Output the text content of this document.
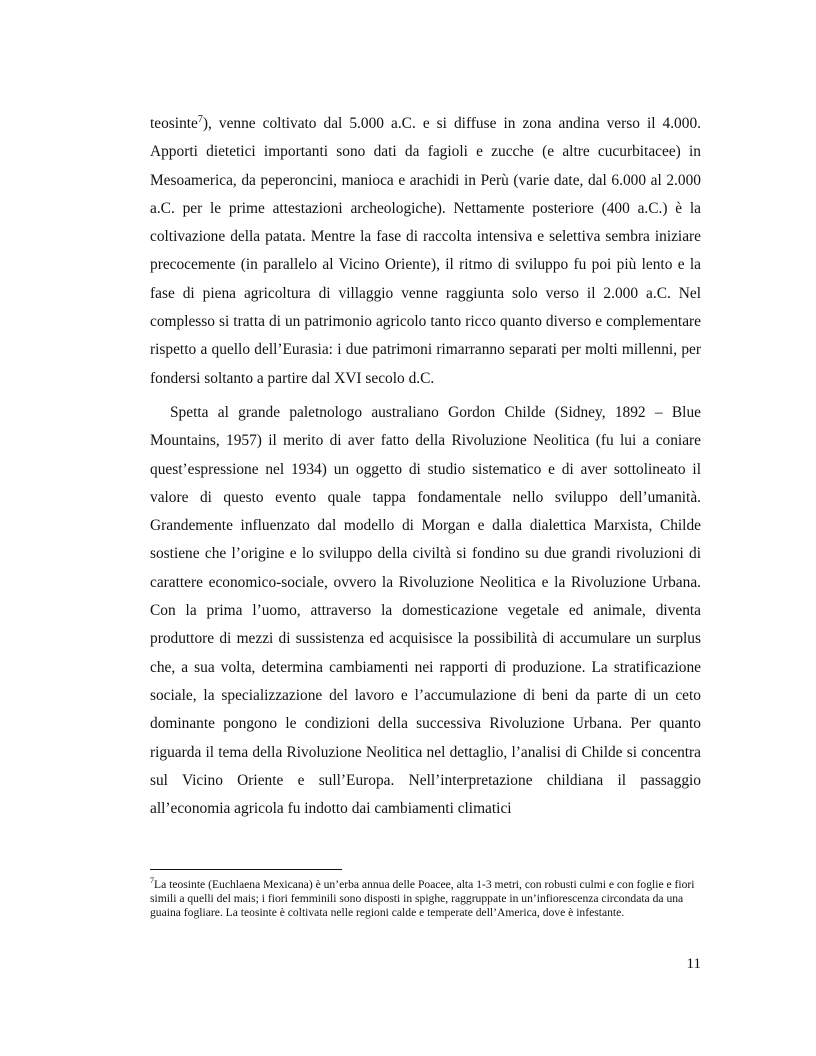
teosinte$^7$), venne coltivato dal 5.000 a.C. e si diffuse in zona andina verso il 4.000. Apporti dietetici importanti sono dati da fagioli e zucche (e altre cucurbitacee) in Mesoamerica, da peperoncini, manioca e arachidi in Perù (varie date, dal 6.000 al 2.000 a.C. per le prime attestazioni archeologiche). Nettamente posteriore (400 a.C.) è la coltivazione della patata. Mentre la fase di raccolta intensiva e selettiva sembra iniziare precocemente (in parallelo al Vicino Oriente), il ritmo di sviluppo fu poi più lento e la fase di piena agricoltura di villaggio venne raggiunta solo verso il 2.000 a.C. Nel complesso si tratta di un patrimonio agricolo tanto ricco quanto diverso e complementare rispetto a quello dell’Eurasia: i due patrimoni rimarranno separati per molti millenni, per fondersi soltanto a partire dal XVI secolo d.C.

Spetta al grande paletnologo australiano Gordon Childe (Sidney, 1892 – Blue Mountains, 1957) il merito di aver fatto della Rivoluzione Neolitica (fu lui a coniare quest’espressione nel 1934) un oggetto di studio sistematico e di aver sottolineato il valore di questo evento quale tappa fondamentale nello sviluppo dell’umanità. Grandemente influenzato dal modello di Morgan e dalla dialettica Marxista, Childe sostiene che l’origine e lo sviluppo della civiltà si fondino su due grandi rivoluzioni di carattere economico-sociale, ovvero la Rivoluzione Neolitica e la Rivoluzione Urbana. Con la prima l’uomo, attraverso la domesticazione vegetale ed animale, diventa produttore di mezzi di sussistenza ed acquisisce la possibilità di accumulare un surplus che, a sua volta, determina cambiamenti nei rapporti di produzione. La stratificazione sociale, la specializzazione del lavoro e l’accumulazione di beni da parte di un ceto dominante pongono le condizioni della successiva Rivoluzione Urbana. Per quanto riguarda il tema della Rivoluzione Neolitica nel dettaglio, l’analisi di Childe si concentra sul Vicino Oriente e sull’Europa. Nell’interpretazione childiana il passaggio all’economia agricola fu indotto dai cambiamenti climatici

$^7$La teosinte (Euchlaena Mexicana) è un’erba annua delle Poacee, alta 1-3 metri, con robusti culmi e con foglie e fiori simili a quelli del mais; i fiori femminili sono disposti in spighe, raggruppate in un’infiorescenza circondata da una guaina fogliare. La teosinte è coltivata nelle regioni calde e temperate dell’America, dove è infestante.
11
